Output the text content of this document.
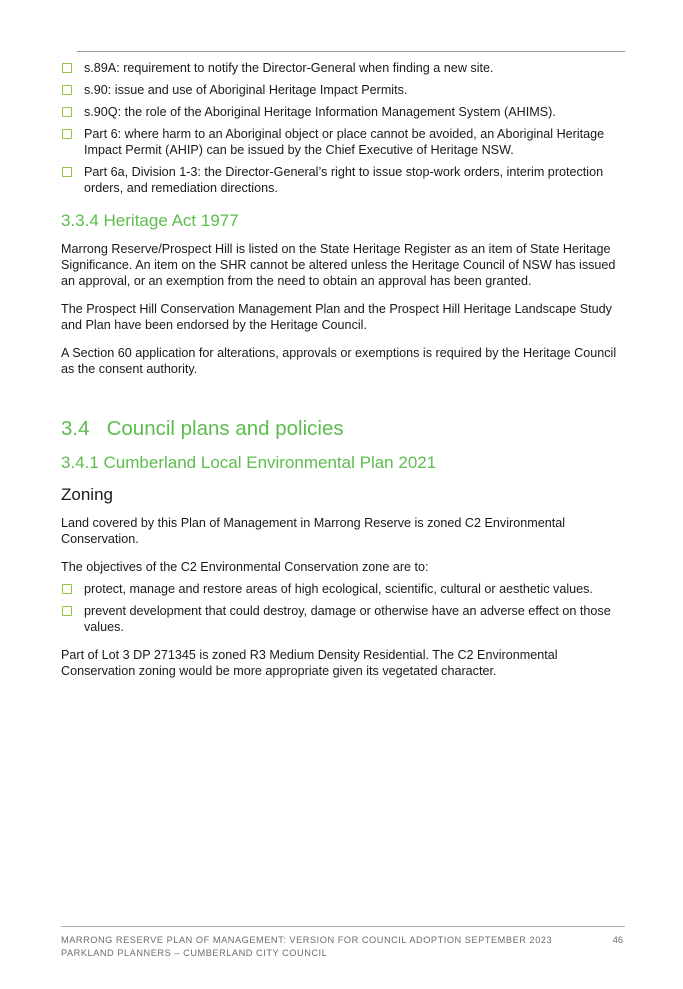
s.89A: requirement to notify the Director-General when finding a new site.
s.90: issue and use of Aboriginal Heritage Impact Permits.
s.90Q: the role of the Aboriginal Heritage Information Management System (AHIMS).
Part 6: where harm to an Aboriginal object or place cannot be avoided, an Aboriginal Heritage Impact Permit (AHIP) can be issued by the Chief Executive of Heritage NSW.
Part 6a, Division 1-3: the Director-General’s right to issue stop-work orders, interim protection orders, and remediation directions.
3.3.4 Heritage Act 1977

Marrong Reserve/Prospect Hill is listed on the State Heritage Register as an item of State Heritage Significance. An item on the SHR cannot be altered unless the Heritage Council of NSW has issued an approval, or an exemption from the need to obtain an approval has been granted.

The Prospect Hill Conservation Management Plan and the Prospect Hill Heritage Landscape Study and Plan have been endorsed by the Heritage Council.

A Section 60 application for alterations, approvals or exemptions is required by the Heritage Council as the consent authority.

3.4   Council plans and policies
3.4.1 Cumberland Local Environmental Plan 2021
Zoning

Land covered by this Plan of Management in Marrong Reserve is zoned C2 Environmental Conservation.

The objectives of the C2 Environmental Conservation zone are to:

protect, manage and restore areas of high ecological, scientific, cultural or aesthetic values.
prevent development that could destroy, damage or otherwise have an adverse effect on those values.

Part of Lot 3 DP 271345 is zoned R3 Medium Density Residential. The C2 Environmental Conservation zoning would be more appropriate given its vegetated character.

MARRONG RESERVE PLAN OF MANAGEMENT: VERSION FOR COUNCIL ADOPTION SEPTEMBER 2023
PARKLAND PLANNERS – CUMBERLAND CITY COUNCIL
46
